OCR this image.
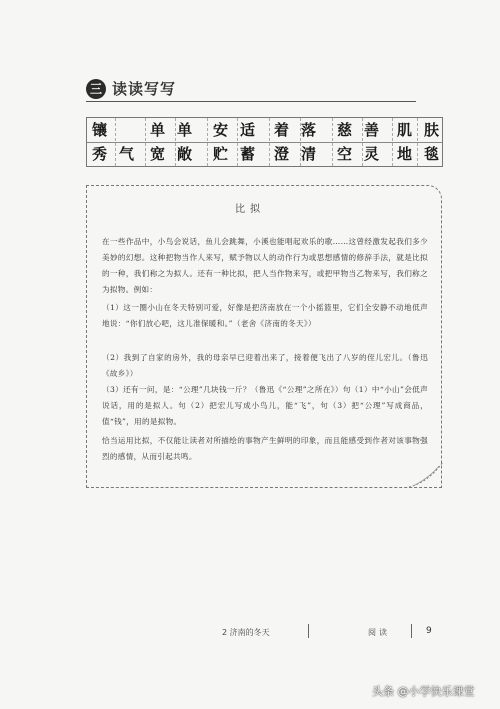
三 读读写写
镶 单单 安适 着落 慈善 肌肤
秀气 宽敞 贮蓄 澄清 空灵 地毯
比拟
在一些作品中，小鸟会说话，鱼儿会跳舞，小溪也能唱起欢乐的歌……这曾经激发起我们多少美妙的幻想。这种把物当作人来写，赋予物以人的动作行为或思想感情的修辞手法，就是比拟的一种，我们称之为拟人。还有一种比拟，把人当作物来写，或把甲物当乙物来写，我们称之为拟物。例如：
（1）这一圈小山在冬天特别可爱，好像是把济南放在一个小摇篮里，它们全安静不动地低声地说：“你们放心吧，这儿准保暖和。”（老舍《济南的冬天》）
（2）我到了自家的房外，我的母亲早已迎着出来了，接着便飞出了八岁的侄儿宏儿。（鲁迅《故乡》）
（3）还有一问，是：“公理”几块钱一斤？（鲁迅《“公理”之所在》）句（1）中“小山”会低声说话，用的是拟人。句（2）把宏儿写成小鸟儿，能“飞”，句（3）把“公理”写成商品，值“钱”，用的是拟物。
恰当运用比拟，不仅能让读者对所描绘的事物产生鲜明的印象，而且能感受到作者对该事物强烈的感情，从而引起共鸣。
2 济南的冬天	阅读	9
头条 @小学快乐课堂
